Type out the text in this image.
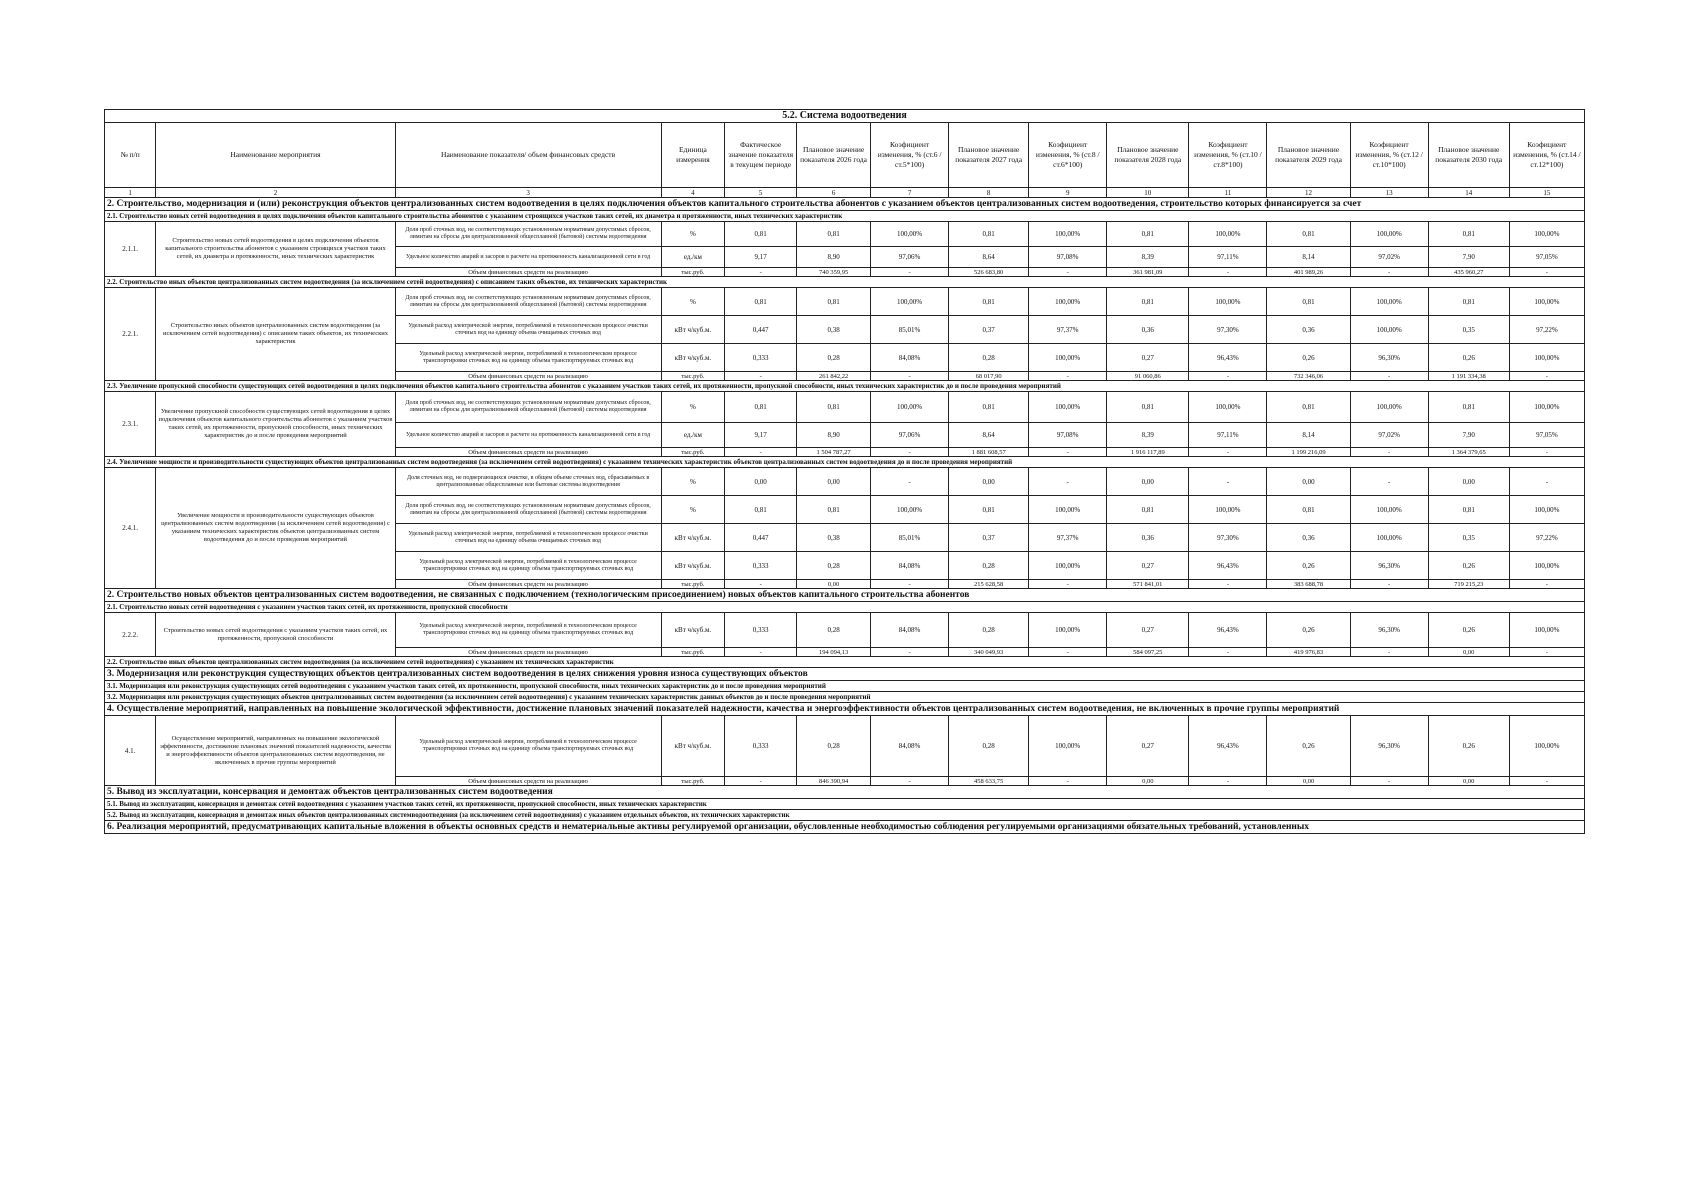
5.2. Система водоотведения														
№ п/п	Наименование мероприятия	Наименование показателя/ объем финансовых средств	Единица измерения	Фактическое значение показателя в текущем периоде	Плановое значение показателя 2026 года	Коэфициент изменения, % (ст.6 /ст.5*100)	Плановое значение показателя 2027 года	Коэфициент изменения, % (ст.8 /ст.6*100)	Плановое значение показателя 2028 года	Коэфициент изменения, % (ст.10 /ст.8*100)	Плановое значение показателя 2029 года	Коэфициент изменения, % (ст.12 /ст.10*100)	Плановое значение показателя 2030 года	Коэфициент изменения, % (ст.14 /ст.12*100)
1	2	3	4	5	6	7	8	9	10	11	12	13	14	15
2. Строительство, модернизация и (или) реконструкция объектов централизованных систем водоотведения в целях подключения объектов капитального строительства абонентов с указанием объектов централизованных систем водоотведения, строительство которых финансируется за счет														
2.1. Строительство новых сетей водоотведения в целях подключения объектов капитального строительства абонентов с указанием строящихся участков таких сетей, их диаметра и протяженности, иных технических характеристик														
2.1.1.	Строительство новых сетей водоотведения в целях подключения объектов капитального строительства абонентов с указанием строящихся участков таких сетей, их диаметра и протяженности, иных технических характеристик	Доля проб сточных вод, не соответствующих установленным нормативам допустимых сбросов, лимитам на сбросы для централизованной общесплавной (бытовой) системы водоотведения	%	0,81	0,81	100,00%	0,81	100,00%	0,81	100,00%	0,81	100,00%	0,81	100,00%
		Удельное количество аварий и засоров в расчете на протяженность канализационной сети в год	ед./км	9,17	8,90	97,06%	8,64	97,08%	8,39	97,11%	8,14	97,02%	7,90	97,05%
		Объем финансовых средств на реализацию	тыс.руб.	-	740 359,95	-	526 683,80	-	361 981,09	-	401 989,26	-	435 960,27	-
2.2. Строительство иных объектов централизованных систем водоотведения (за исключением сетей водоотведения) с описанием таких объектов, их технических характеристик														
2.2.1.	Строительство иных объектов централизованных систем водоотведения (за исключением сетей водоотведения) с описанием таких объектов, их технических характеристик	Доля проб сточных вод, не соответствующих установленным нормативам допустимых сбросов, лимитам на сбросы для централизованной общесплавной (бытовой) системы водоотведения	%	0,81	0,81	100,00%	0,81	100,00%	0,81	100,00%	0,81	100,00%	0,81	100,00%
		Удельный расход электрической энергии, потребляемой в технологическом процессе очистки сточных вод на единицу объема очищаемых сточных вод	кВт ч/куб.м.	0,447	0,38	85,01%	0,37	97,37%	0,36	97,30%	0,36	100,00%	0,35	97,22%
		Удельный расход электрической энергии, потребляемой в технологическом процессе транспортировки сточных вод на единицу объема транспортируемых сточных вод	кВт ч/куб.м.	0,333	0,28	84,08%	0,28	100,00%	0,27	96,43%	0,26	96,30%	0,26	100,00%
		Объем финансовых средств на реализацию	тыс.руб.	-	261 842,22	-	68 017,90	-	91 060,86	-	732 346,06	-	1 191 334,38	-
2.3. Увеличение пропускной способности существующих сетей водоотведения в целях подключения объектов капитального строительства абонентов с указанием участков таких сетей, их протяженности, пропускной способности, иных технических характеристик до и после проведения мероприятий														
2.3.1.	Увеличение пропускной способности существующих сетей водоотведения в целях подключения объектов капитального строительства абонентов с указанием участков таких сетей, их протяженности, пропускной способности, иных технических характеристик до и после проведения мероприятий	Доля проб сточных вод, не соответствующих установленным нормативам допустимых сбросов, лимитам на сбросы для централизованной общесплавной (бытовой) системы водоотведения	%	0,81	0,81	100,00%	0,81	100,00%	0,81	100,00%	0,81	100,00%	0,81	100,00%
		Удельное количество аварий и засоров в расчете на протяженность канализационной сети в год	ед./км	9,17	8,90	97,06%	8,64	97,08%	8,39	97,11%	8,14	97,02%	7,90	97,05%
		Объем финансовых средств на реализацию	тыс.руб.	-	1 504 787,27	-	1 881 608,57	-	1 916 117,89	-	1 199 216,09	-	1 364 379,65	-
2.4. Увеличение мощности и производительности существующих объектов централизованных систем водоотведения (за исключением сетей водоотведения) с указанием технических характеристик объектов централизованных систем водоотведения до и после проведения мероприятий														
2.4.1.	Увеличение мощности и производительности существующих объектов централизованных систем водоотведения (за исключением сетей водоотведения) с указанием технических характеристик объектов централизованных систем водоотведения до и после проведения мероприятий	Доля сточных вод, не подвергающихся очистке, в общем объеме сточных вод, сбрасываемых в централизованные общесплавные или бытовые системы водоотведения	%	0,00	0,00	-	0,00	-	0,00	-	0,00	-	0,00	-
		Доля проб сточных вод, не соответствующих установленным нормативам допустимых сбросов, лимитам на сбросы для централизованной общесплавной (бытовой) системы водоотведения	%	0,81	0,81	100,00%	0,81	100,00%	0,81	100,00%	0,81	100,00%	0,81	100,00%
		Удельный расход электрической энергии, потребляемой в технологическом процессе очистки сточных вод на единицу объема очищаемых сточных вод	кВт ч/куб.м.	0,447	0,38	85,01%	0,37	97,37%	0,36	97,30%	0,36	100,00%	0,35	97,22%
		Удельный расход электрической энергии, потребляемой в технологическом процессе транспортировки сточных вод на единицу объема транспортируемых сточных вод	кВт ч/куб.м.	0,333	0,28	84,08%	0,28	100,00%	0,27	96,43%	0,26	96,30%	0,26	100,00%
		Объем финансовых средств на реализацию	тыс.руб.	-	0,00	-	215 628,58	-	571 841,01	-	383 688,78	-	719 215,23	-
2. Строительство новых объектов централизованных систем водоотведения, не связанных с подключением (технологическим присоединением) новых объектов капитального строительства абонентов														
2.1. Строительство новых сетей водоотведения с указанием участков таких сетей, их протяженности, пропускной способности														
2.2.2.	Строительство новых сетей водоотведения с указанием участков таких сетей, их протяженности, пропускной способности	Удельный расход электрической энергии, потребляемой в технологическом процессе транспортировки сточных вод на единицу объема транспортируемых сточных вод	кВт ч/куб.м.	0,333	0,28	84,08%	0,28	100,00%	0,27	96,43%	0,26	96,30%	0,26	100,00%
		Объем финансовых средств на реализацию	тыс.руб.	-	194 094,13	-	340 049,93	-	584 097,25	-	419 976,83	-	0,00	-
2.2. Строительство иных объектов централизованных систем водоотведения (за исключением сетей водоотведения) с указанием их технических характеристик														
3. Модернизация или реконструкция существующих объектов централизованных систем водоотведения в целях снижения уровня износа существующих объектов														
3.1. Модернизация или реконструкция существующих сетей водоотведения с указанием участков таких сетей, их протяженности, пропускной способности, иных технических характеристик до и после проведения мероприятий														
3.2. Модернизация или реконструкция существующих объектов централизованных систем водоотведения (за исключением сетей водоотведения) с указанием технических характеристик данных объектов до и после проведения мероприятий														
4. Осуществление мероприятий, направленных на повышение экологической эффективности, достижение плановых значений показателей надежности, качества и энергоэффективности объектов централизованных систем водоотведения, не включенных в прочие группы мероприятий														
4.1.	Осуществление мероприятий, направленных на повышение экологической эффективности, достижение плановых значений показателей надежности, качества и энергоэффективности объектов централизованных систем водоотведения, не включенных в прочие группы мероприятий	Удельный расход электрической энергии, потребляемой в технологическом процессе транспортировки сточных вод на единицу объема транспортируемых сточных вод	кВт ч/куб.м.	0,333	0,28	84,08%	0,28	100,00%	0,27	96,43%	0,26	96,30%	0,26	100,00%
		Объем финансовых средств на реализацию	тыс.руб.	-	846 390,94	-	458 633,75	-	0,00	-	0,00	-	0,00	-
5. Вывод из эксплуатации, консервация и демонтаж объектов централизованных систем водоотведения														
5.1. Вывод из эксплуатации, консервация и демонтаж сетей водоотведения с указанием участков таких сетей, их протяженности, пропускной способности, иных технических характеристик														
5.2. Вывод из эксплуатации, консервация и демонтаж иных объектов централизованных системводоотведения (за исключением сетей водоотведения) с указанием отдельных объектов, их технических характеристик														
6. Реализация мероприятий, предусматривающих капитальные вложения в объекты основных средств и нематериальные активы регулируемой организации, обусловленные необходимостью соблюдения регулируемыми организациями обязательных требований, установленных														
